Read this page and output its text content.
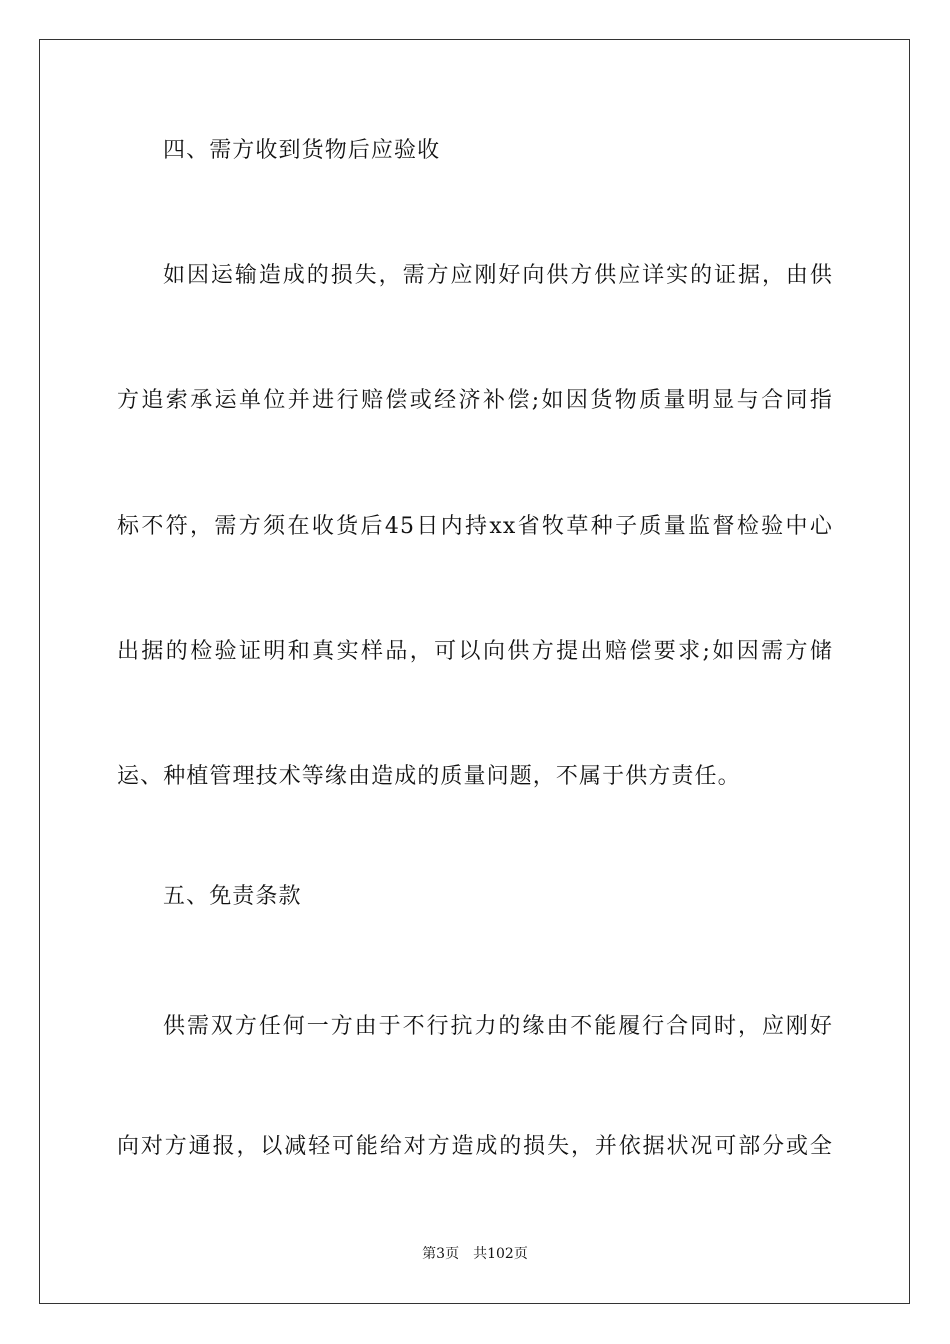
四、需方收到货物后应验收
如因运输造成的损失，需方应刚好向供方供应详实的证据，由供
方追索承运单位并进行赔偿或经济补偿;如因货物质量明显与合同指
标不符，需方须在收货后45日内持xx省牧草种子质量监督检验中心
出据的检验证明和真实样品，可以向供方提出赔偿要求;如因需方储
运、种植管理技术等缘由造成的质量问题，不属于供方责任。
五、免责条款
供需双方任何一方由于不行抗力的缘由不能履行合同时，应刚好
向对方通报，以减轻可能给对方造成的损失，并依据状况可部分或全
第3页 共102页
